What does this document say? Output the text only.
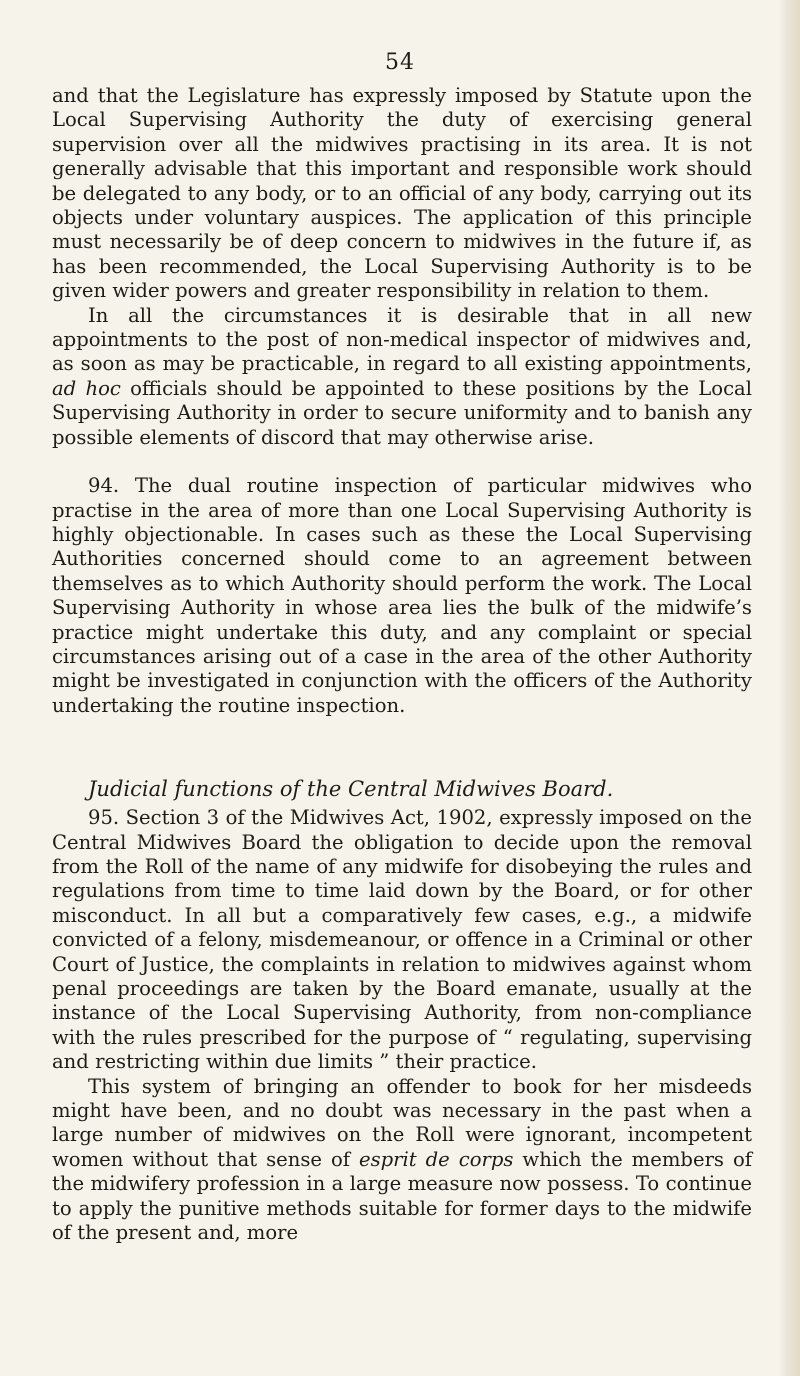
54

and that the Legislature has expressly imposed by Statute upon the Local Supervising Authority the duty of exercising general supervision over all the midwives practising in its area. It is not generally advisable that this important and responsible work should be delegated to any body, or to an official of any body, carrying out its objects under voluntary auspices. The application of this principle must necessarily be of deep concern to midwives in the future if, as has been recommended, the Local Supervising Authority is to be given wider powers and greater responsibility in relation to them.

In all the circumstances it is desirable that in all new appointments to the post of non-medical inspector of midwives and, as soon as may be practicable, in regard to all existing appointments, ad hoc officials should be appointed to these positions by the Local Supervising Authority in order to secure uniformity and to banish any possible elements of discord that may otherwise arise.

94. The dual routine inspection of particular midwives who practise in the area of more than one Local Supervising Authority is highly objectionable. In cases such as these the Local Supervising Authorities concerned should come to an agreement between themselves as to which Authority should perform the work. The Local Supervising Authority in whose area lies the bulk of the midwife’s practice might undertake this duty, and any complaint or special circumstances arising out of a case in the area of the other Authority might be investigated in conjunction with the officers of the Authority undertaking the routine inspection.

Judicial functions of the Central Midwives Board.

95. Section 3 of the Midwives Act, 1902, expressly imposed on the Central Midwives Board the obligation to decide upon the removal from the Roll of the name of any midwife for disobeying the rules and regulations from time to time laid down by the Board, or for other misconduct. In all but a comparatively few cases, e.g., a midwife convicted of a felony, misdemeanour, or offence in a Criminal or other Court of Justice, the complaints in relation to midwives against whom penal proceedings are taken by the Board emanate, usually at the instance of the Local Supervising Authority, from non-compliance with the rules prescribed for the purpose of “ regulating, supervising and restricting within due limits ” their practice.

This system of bringing an offender to book for her misdeeds might have been, and no doubt was necessary in the past when a large number of midwives on the Roll were ignorant, incompetent women without that sense of esprit de corps which the members of the midwifery profession in a large measure now possess. To continue to apply the punitive methods suitable for former days to the midwife of the present and, more
